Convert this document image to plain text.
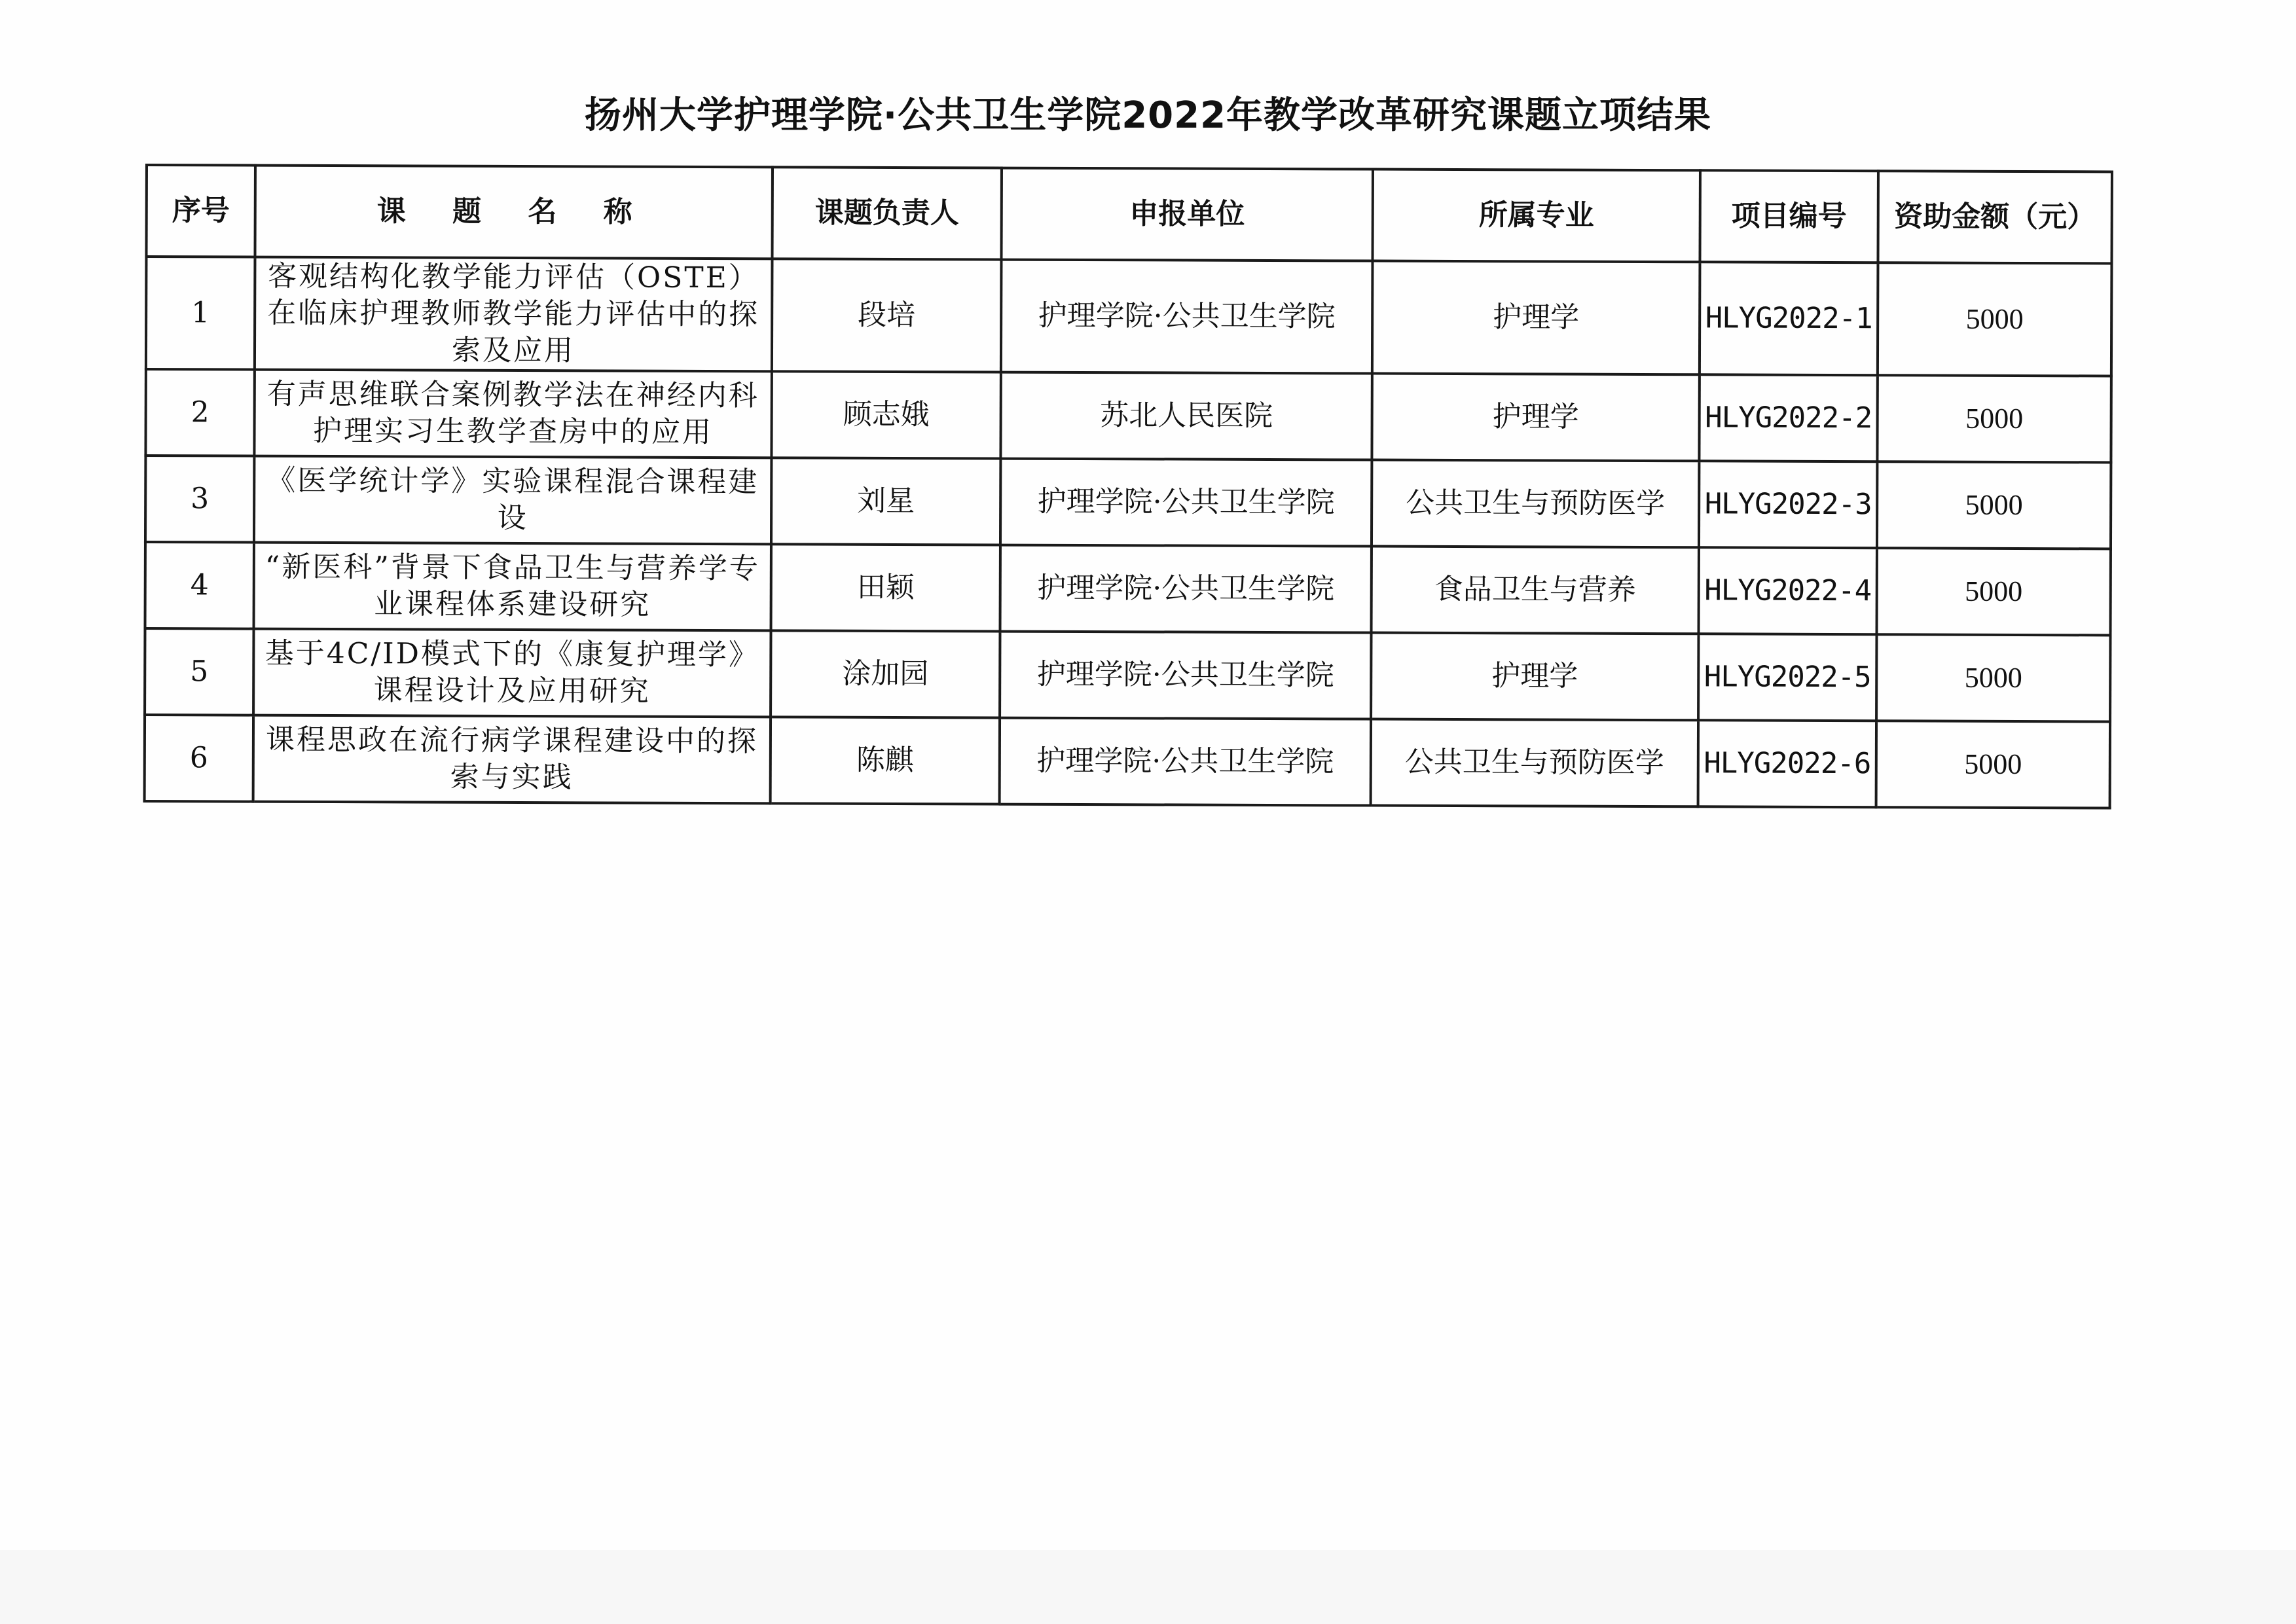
扬州大学护理学院·公共卫生学院2022年教学改革研究课题立项结果
序号	课 题 名 称	课题负责人	申报单位	所属专业	项目编号	资助金额（元）
1	客观结构化教学能力评估（OSTE）在临床护理教师教学能力评估中的探索及应用	段培	护理学院·公共卫生学院	护理学	HLYG2022-1	5000
2	有声思维联合案例教学法在神经内科护理实习生教学查房中的应用	顾志娥	苏北人民医院	护理学	HLYG2022-2	5000
3	《医学统计学》实验课程混合课程建设	刘星	护理学院·公共卫生学院	公共卫生与预防医学	HLYG2022-3	5000
4	“新医科”背景下食品卫生与营养学专业课程体系建设研究	田颖	护理学院·公共卫生学院	食品卫生与营养	HLYG2022-4	5000
5	基于4C/ID模式下的《康复护理学》课程设计及应用研究	涂加园	护理学院·公共卫生学院	护理学	HLYG2022-5	5000
6	课程思政在流行病学课程建设中的探索与实践	陈麒	护理学院·公共卫生学院	公共卫生与预防医学	HLYG2022-6	5000
